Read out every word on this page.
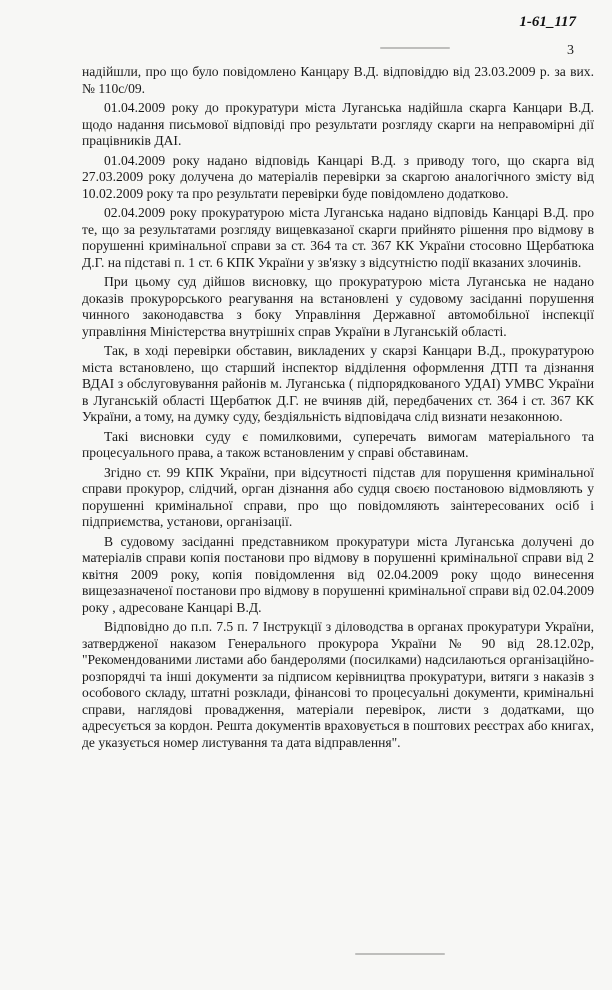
1-61_117
3

надійшли, про що було повідомлено Канцару В.Д. відповіддю від 23.03.2009 р. за вих. № 110с/09.

01.04.2009 року до прокуратури міста Луганська надійшла скарга Канцари В.Д. щодо надання письмової відповіді про результати розгляду скарги на неправомірні дії працівників ДАІ.

01.04.2009 року надано відповідь Канцарі В.Д. з приводу того, що скарга від 27.03.2009 року долучена до матеріалів перевірки за скаргою аналогічного змісту від 10.02.2009 року та про результати перевірки буде повідомлено додатково.

02.04.2009 року прокуратурою міста Луганська надано відповідь Канцарі В.Д. про те, що за результатами розгляду вищевказаної скарги прийнято рішення про відмову в порушенні кримінальної справи за ст. 364 та ст. 367 КК України стосовно Щербатюка Д.Г. на підставі п. 1 ст. 6 КПК України у зв'язку з відсутністю події вказаних злочинів.

При цьому суд дійшов висновку, що прокуратурою міста Луганська не надано доказів прокурорського реагування на встановлені у судовому засіданні порушення чинного законодавства з боку Управління Державної автомобільної інспекції управління Міністерства внутрішніх справ України в Луганській області.

Так, в ході перевірки обставин, викладених у скарзі Канцари В.Д., прокуратурою міста встановлено, що старший інспектор відділення оформлення ДТП та дізнання ВДАІ з обслуговування районів м. Луганська ( підпорядкованого УДАІ) УМВС України в Луганській області Щербатюк Д.Г. не вчиняв дій, передбачених ст. 364 і ст. 367 КК України, а тому, на думку суду, бездіяльність відповідача слід визнати незаконною.

Такі висновки суду є помилковими, суперечать вимогам матеріального та процесуального права, а також встановленим у справі обставинам.

Згідно ст. 99 КПК України, при відсутності підстав для порушення кримінальної справи прокурор, слідчий, орган дізнання або судця своєю постановою відмовляють у порушенні кримінальної справи, про що повідомляють заінтересованих осіб і підприємства, установи, організації.

В судовому засіданні представником прокуратури міста Луганська долучені до матеріалів справи копія постанови про відмову в порушенні кримінальної справи від 2 квітня 2009 року, копія повідомлення від 02.04.2009 року щодо винесення вищезазначеної постанови про відмову в порушенні кримінальної справи від 02.04.2009 року , адресоване Канцарі В.Д.

Відповідно до п.п. 7.5 п. 7 Інструкції з діловодства в органах прокуратури України, затвердженої наказом Генерального прокурора України № 90 від 28.12.02р, "Рекомендованими листами або бандеролями (посилками) надсилаються організаційно-розпорядчі та інші документи за підписом керівництва прокуратури, витяги з наказів з особового складу, штатні розклади, фінансові то процесуальні документи, кримінальні справи, наглядові провадження, матеріали перевірок, листи з додатками, що адресується за кордон. Решта документів враховується в поштових реєстрах або книгах, де указується номер листування та дата відправлення".
